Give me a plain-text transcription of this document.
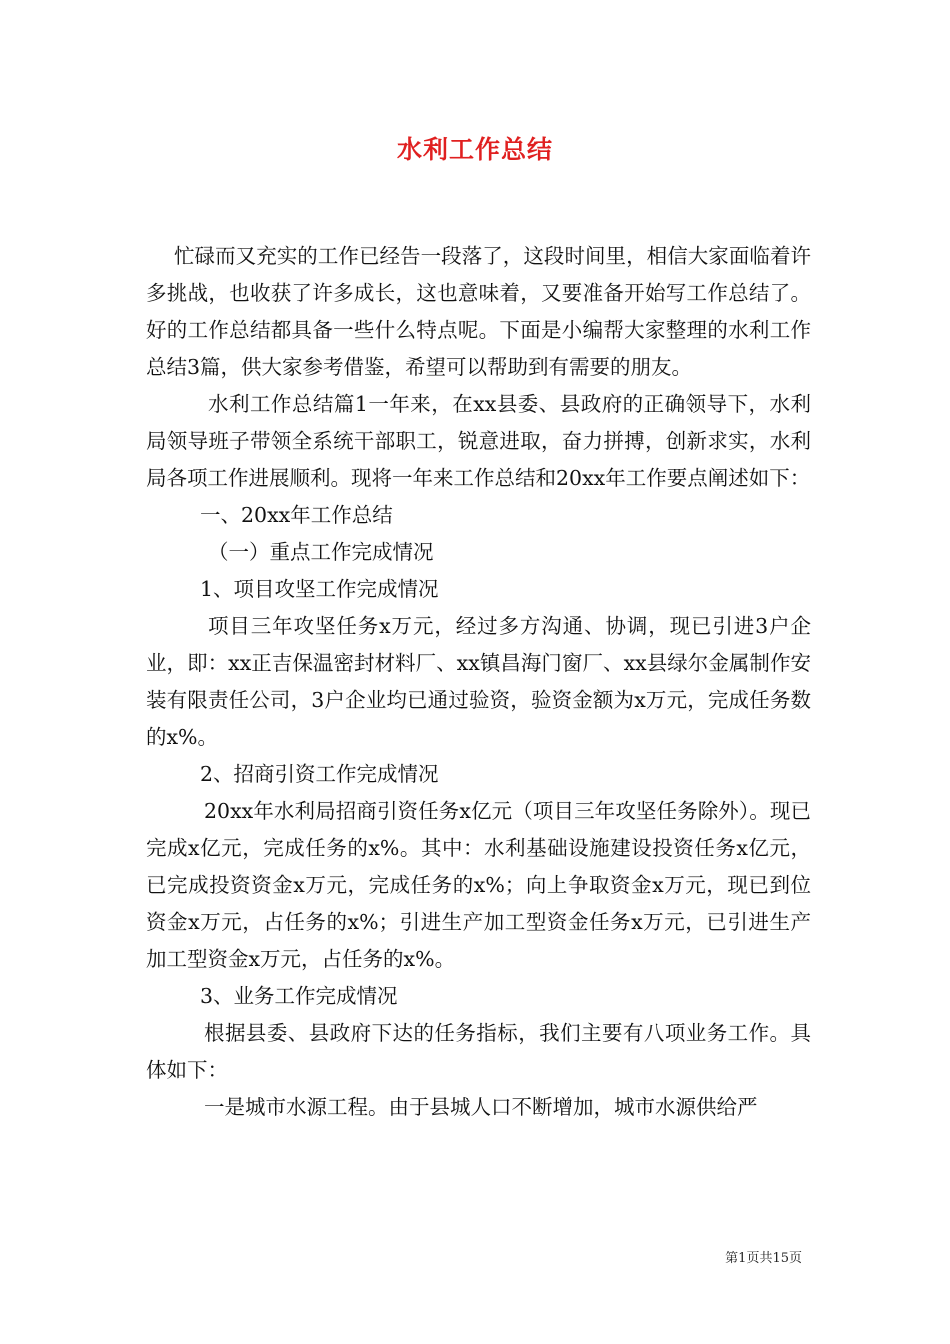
水利工作总结

忙碌而又充实的工作已经告一段落了，这段时间里，相信大家面临着许多挑战，也收获了许多成长，这也意味着，又要准备开始写工作总结了。好的工作总结都具备一些什么特点呢。下面是小编帮大家整理的水利工作总结3篇，供大家参考借鉴，希望可以帮助到有需要的朋友。

水利工作总结篇1一年来，在xx县委、县政府的正确领导下，水利局领导班子带领全系统干部职工，锐意进取，奋力拼搏，创新求实，水利局各项工作进展顺利。现将一年来工作总结和20xx年工作要点阐述如下：

一、20xx年工作总结

（一）重点工作完成情况

1、项目攻坚工作完成情况

项目三年攻坚任务x万元，经过多方沟通、协调，现已引进3户企业，即：xx正吉保温密封材料厂、xx镇昌海门窗厂、xx县绿尔金属制作安装有限责任公司，3户企业均已通过验资，验资金额为x万元，完成任务数的x%。

2、招商引资工作完成情况

20xx年水利局招商引资任务x亿元（项目三年攻坚任务除外）。现已完成x亿元，完成任务的x%。其中：水利基础设施建设投资任务x亿元，已完成投资资金x万元，完成任务的x%；向上争取资金x万元，现已到位资金x万元，占任务的x%；引进生产加工型资金任务x万元，已引进生产加工型资金x万元，占任务的x%。

3、业务工作完成情况

根据县委、县政府下达的任务指标，我们主要有八项业务工作。具体如下：

一是城市水源工程。由于县城人口不断增加，城市水源供给严

第1页共15页
